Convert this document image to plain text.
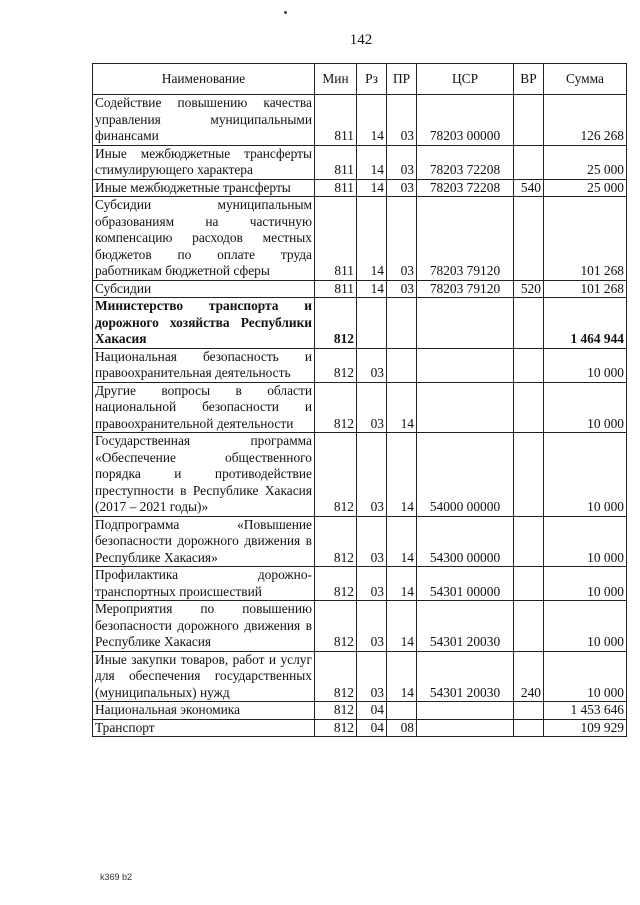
142
Наименование	Мин	Рз	ПР	ЦСР	ВР	Сумма
Содействие повышению качества управления муниципальными финансами	811	14	03	78203 00000		126 268
Иные межбюджетные трансферты стимулирующего характера	811	14	03	78203 72208		25 000
Иные межбюджетные трансферты	811	14	03	78203 72208	540	25 000
Субсидии муниципальным образованиям на частичную компенсацию расходов местных бюджетов по оплате труда работникам бюджетной сферы	811	14	03	78203 79120		101 268
Субсидии	811	14	03	78203 79120	520	101 268
Министерство транспорта и дорожного хозяйства Республики Хакасия	812					1 464 944
Национальная безопасность и правоохранительная деятельность	812	03				10 000
Другие вопросы в области национальной безопасности и правоохранительной деятельности	812	03	14			10 000
Государственная программа «Обеспечение общественного порядка и противодействие преступности в Республике Хакасия (2017 – 2021 годы)»	812	03	14	54000 00000		10 000
Подпрограмма «Повышение безопасности дорожного движения в Республике Хакасия»	812	03	14	54300 00000		10 000
Профилактика дорожно-транспортных происшествий	812	03	14	54301 00000		10 000
Мероприятия по повышению безопасности дорожного движения в Республике Хакасия	812	03	14	54301 20030		10 000
Иные закупки товаров, работ и услуг для обеспечения государственных (муниципальных) нужд	812	03	14	54301 20030	240	10 000
Национальная экономика	812	04				1 453 646
Транспорт	812	04	08			109 929
k369 b2
